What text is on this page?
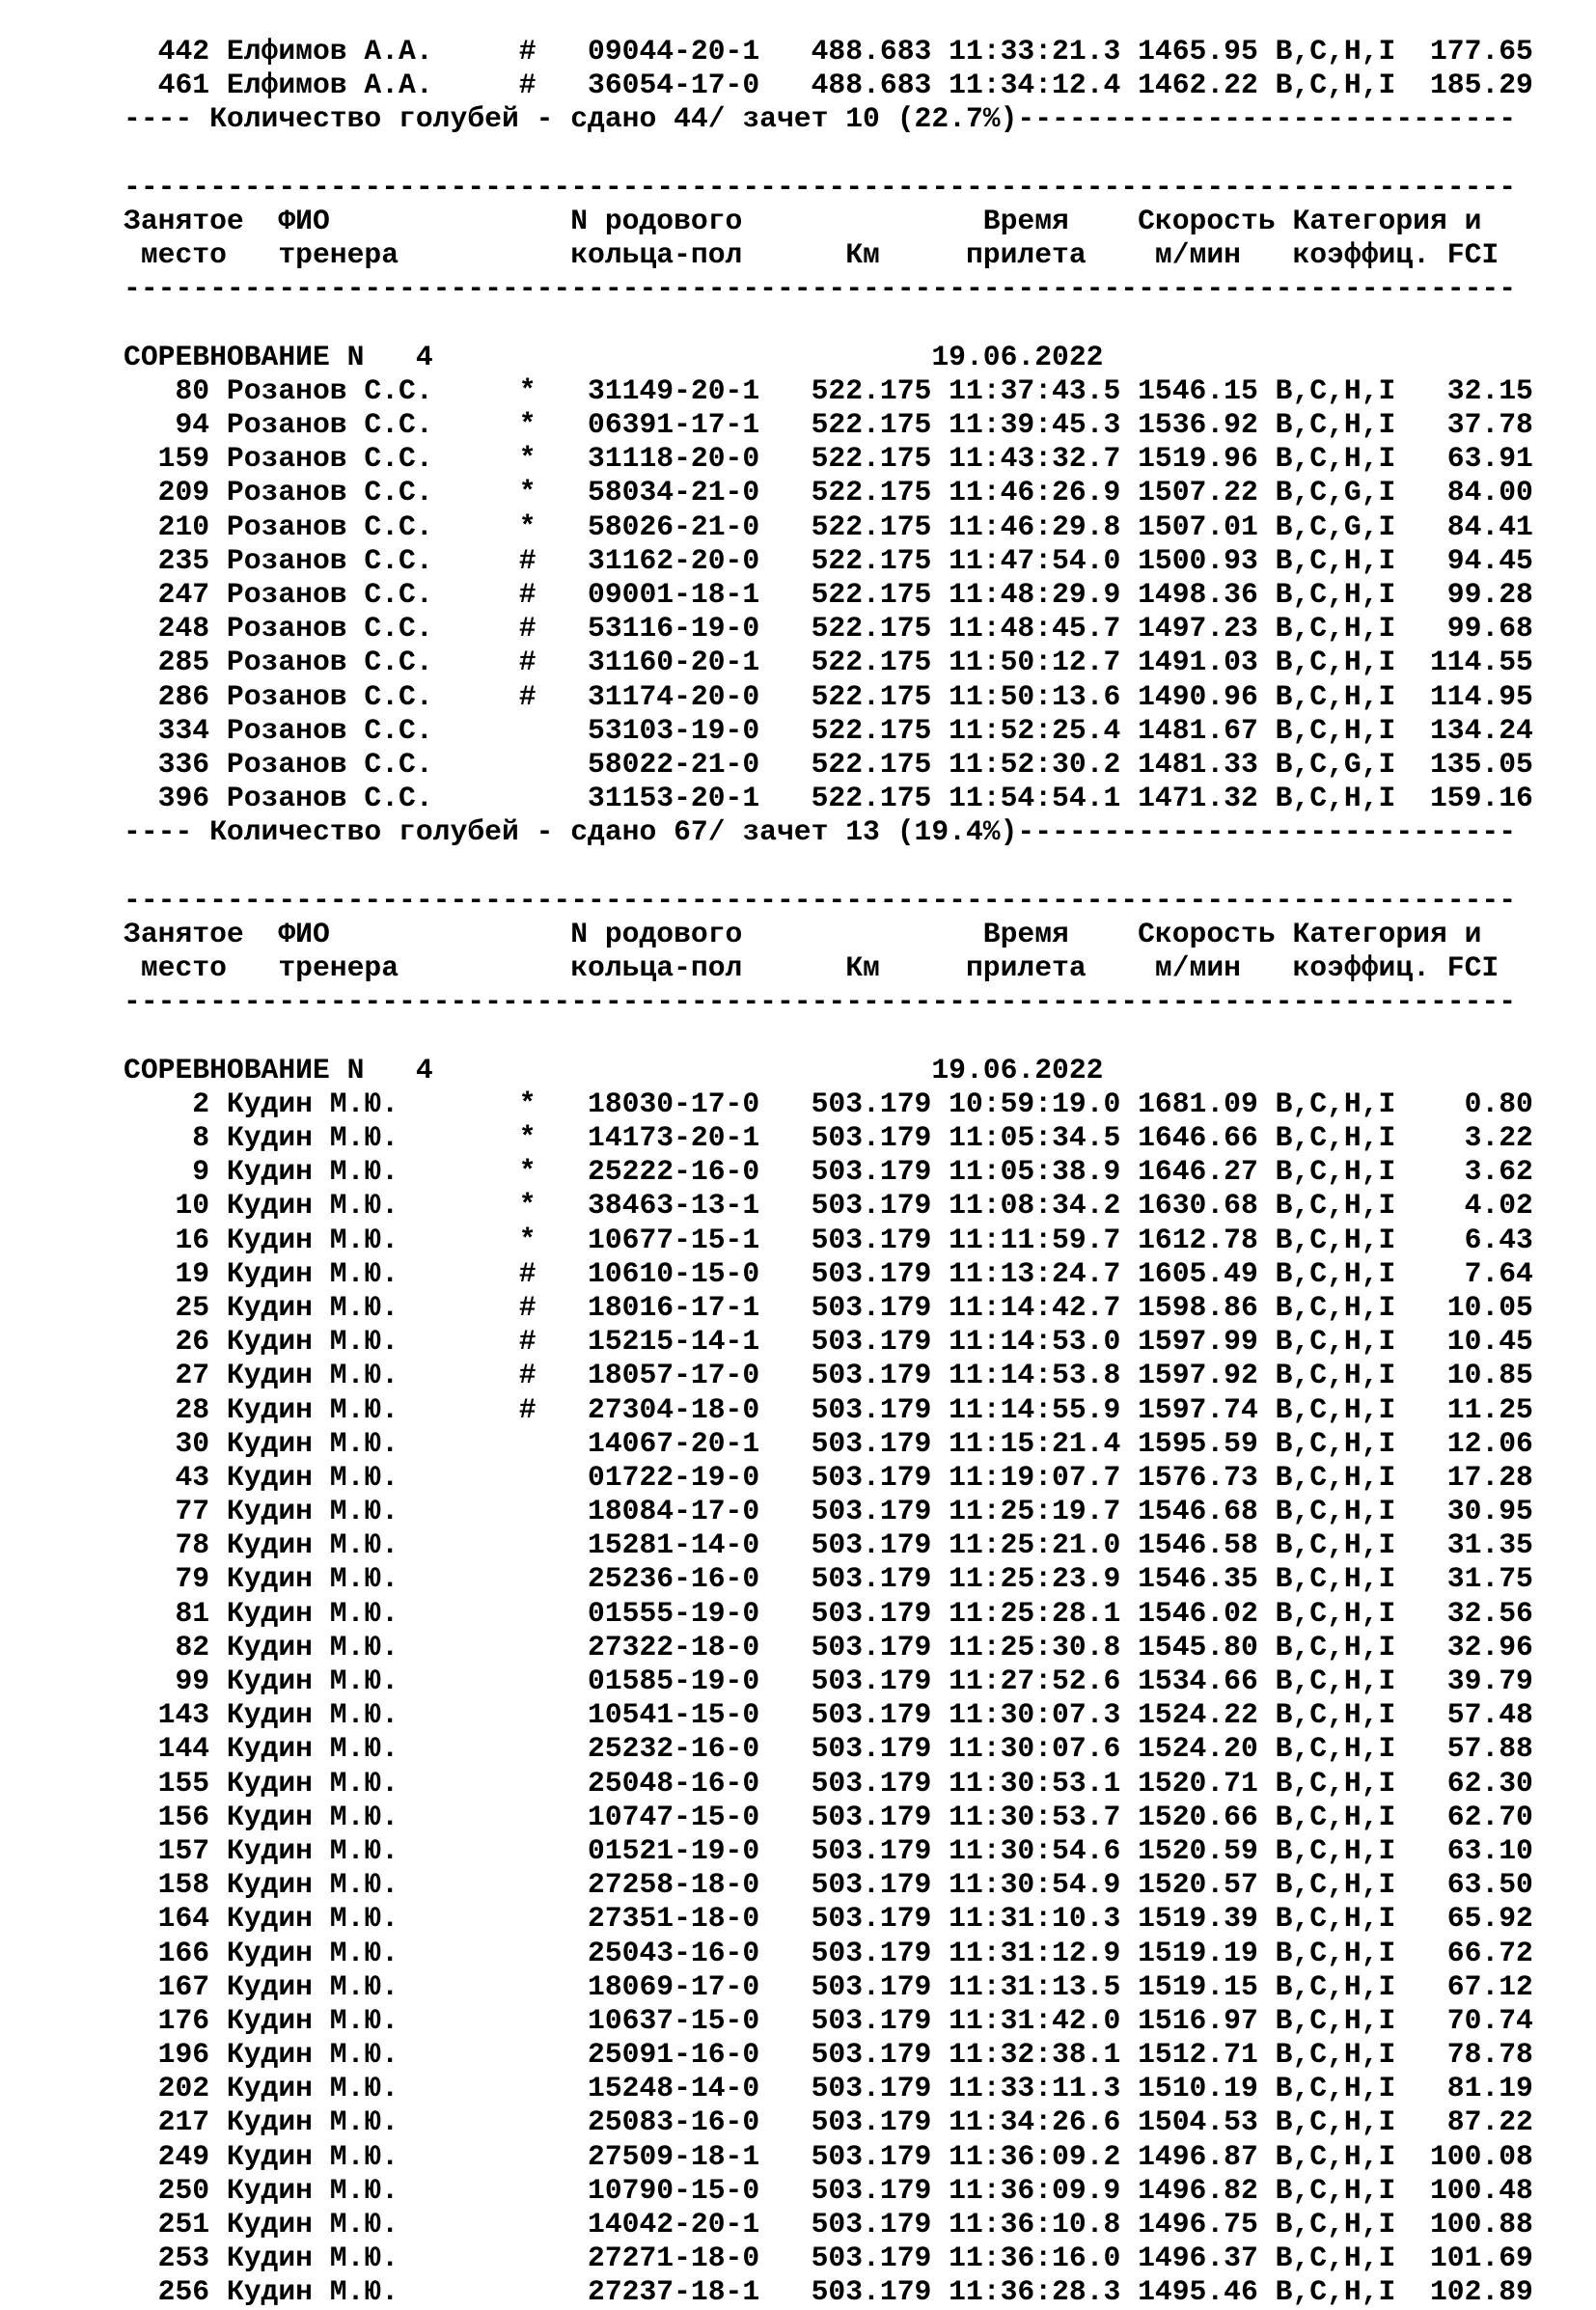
442 Елфимов А.А.     #   09044-20-1   488.683 11:33:21.3 1465.95 B,C,H,I  177.65
461 Елфимов А.А.     #   36054-17-0   488.683 11:34:12.4 1462.22 B,C,H,I  185.29
---- Количество голубей - сдано 44/ зачет 10 (22.7%)-----------------------------

---------------------------------------------------------------------------------
Занятое  ФИО              N родового              Время    Скорость Категория и
место   тренера          кольца-пол      Км     прилета    м/мин   коэффиц. FCI
---------------------------------------------------------------------------------

СОРЕВНОВАНИЕ N   4                             19.06.2022
80 Розанов С.С.     *   31149-20-1   522.175 11:37:43.5 1546.15 B,C,H,I   32.15
94 Розанов С.С.     *   06391-17-1   522.175 11:39:45.3 1536.92 B,C,H,I   37.78
159 Розанов С.С.     *   31118-20-0   522.175 11:43:32.7 1519.96 B,C,H,I   63.91
209 Розанов С.С.     *   58034-21-0   522.175 11:46:26.9 1507.22 B,C,G,I   84.00
210 Розанов С.С.     *   58026-21-0   522.175 11:46:29.8 1507.01 B,C,G,I   84.41
235 Розанов С.С.     #   31162-20-0   522.175 11:47:54.0 1500.93 B,C,H,I   94.45
247 Розанов С.С.     #   09001-18-1   522.175 11:48:29.9 1498.36 B,C,H,I   99.28
248 Розанов С.С.     #   53116-19-0   522.175 11:48:45.7 1497.23 B,C,H,I   99.68
285 Розанов С.С.     #   31160-20-1   522.175 11:50:12.7 1491.03 B,C,H,I  114.55
286 Розанов С.С.     #   31174-20-0   522.175 11:50:13.6 1490.96 B,C,H,I  114.95
334 Розанов С.С.         53103-19-0   522.175 11:52:25.4 1481.67 B,C,H,I  134.24
336 Розанов С.С.         58022-21-0   522.175 11:52:30.2 1481.33 B,C,G,I  135.05
396 Розанов С.С.         31153-20-1   522.175 11:54:54.1 1471.32 B,C,H,I  159.16
---- Количество голубей - сдано 67/ зачет 13 (19.4%)-----------------------------

---------------------------------------------------------------------------------
Занятое  ФИО              N родового              Время    Скорость Категория и
место   тренера          кольца-пол      Км     прилета    м/мин   коэффиц. FCI
---------------------------------------------------------------------------------

СОРЕВНОВАНИЕ N   4                             19.06.2022
2 Кудин М.Ю.       *   18030-17-0   503.179 10:59:19.0 1681.09 B,C,H,I    0.80
8 Кудин М.Ю.       *   14173-20-1   503.179 11:05:34.5 1646.66 B,C,H,I    3.22
9 Кудин М.Ю.       *   25222-16-0   503.179 11:05:38.9 1646.27 B,C,H,I    3.62
10 Кудин М.Ю.       *   38463-13-1   503.179 11:08:34.2 1630.68 B,C,H,I    4.02
16 Кудин М.Ю.       *   10677-15-1   503.179 11:11:59.7 1612.78 B,C,H,I    6.43
19 Кудин М.Ю.       #   10610-15-0   503.179 11:13:24.7 1605.49 B,C,H,I    7.64
25 Кудин М.Ю.       #   18016-17-1   503.179 11:14:42.7 1598.86 B,C,H,I   10.05
26 Кудин М.Ю.       #   15215-14-1   503.179 11:14:53.0 1597.99 B,C,H,I   10.45
27 Кудин М.Ю.       #   18057-17-0   503.179 11:14:53.8 1597.92 B,C,H,I   10.85
28 Кудин М.Ю.       #   27304-18-0   503.179 11:14:55.9 1597.74 B,C,H,I   11.25
30 Кудин М.Ю.           14067-20-1   503.179 11:15:21.4 1595.59 B,C,H,I   12.06
43 Кудин М.Ю.           01722-19-0   503.179 11:19:07.7 1576.73 B,C,H,I   17.28
77 Кудин М.Ю.           18084-17-0   503.179 11:25:19.7 1546.68 B,C,H,I   30.95
78 Кудин М.Ю.           15281-14-0   503.179 11:25:21.0 1546.58 B,C,H,I   31.35
79 Кудин М.Ю.           25236-16-0   503.179 11:25:23.9 1546.35 B,C,H,I   31.75
81 Кудин М.Ю.           01555-19-0   503.179 11:25:28.1 1546.02 B,C,H,I   32.56
82 Кудин М.Ю.           27322-18-0   503.179 11:25:30.8 1545.80 B,C,H,I   32.96
99 Кудин М.Ю.           01585-19-0   503.179 11:27:52.6 1534.66 B,C,H,I   39.79
143 Кудин М.Ю.           10541-15-0   503.179 11:30:07.3 1524.22 B,C,H,I   57.48
144 Кудин М.Ю.           25232-16-0   503.179 11:30:07.6 1524.20 B,C,H,I   57.88
155 Кудин М.Ю.           25048-16-0   503.179 11:30:53.1 1520.71 B,C,H,I   62.30
156 Кудин М.Ю.           10747-15-0   503.179 11:30:53.7 1520.66 B,C,H,I   62.70
157 Кудин М.Ю.           01521-19-0   503.179 11:30:54.6 1520.59 B,C,H,I   63.10
158 Кудин М.Ю.           27258-18-0   503.179 11:30:54.9 1520.57 B,C,H,I   63.50
164 Кудин М.Ю.           27351-18-0   503.179 11:31:10.3 1519.39 B,C,H,I   65.92
166 Кудин М.Ю.           25043-16-0   503.179 11:31:12.9 1519.19 B,C,H,I   66.72
167 Кудин М.Ю.           18069-17-0   503.179 11:31:13.5 1519.15 B,C,H,I   67.12
176 Кудин М.Ю.           10637-15-0   503.179 11:31:42.0 1516.97 B,C,H,I   70.74
196 Кудин М.Ю.           25091-16-0   503.179 11:32:38.1 1512.71 B,C,H,I   78.78
202 Кудин М.Ю.           15248-14-0   503.179 11:33:11.3 1510.19 B,C,H,I   81.19
217 Кудин М.Ю.           25083-16-0   503.179 11:34:26.6 1504.53 B,C,H,I   87.22
249 Кудин М.Ю.           27509-18-1   503.179 11:36:09.2 1496.87 B,C,H,I  100.08
250 Кудин М.Ю.           10790-15-0   503.179 11:36:09.9 1496.82 B,C,H,I  100.48
251 Кудин М.Ю.           14042-20-1   503.179 11:36:10.8 1496.75 B,C,H,I  100.88
253 Кудин М.Ю.           27271-18-0   503.179 11:36:16.0 1496.37 B,C,H,I  101.69
256 Кудин М.Ю.           27237-18-1   503.179 11:36:28.3 1495.46 B,C,H,I  102.89
